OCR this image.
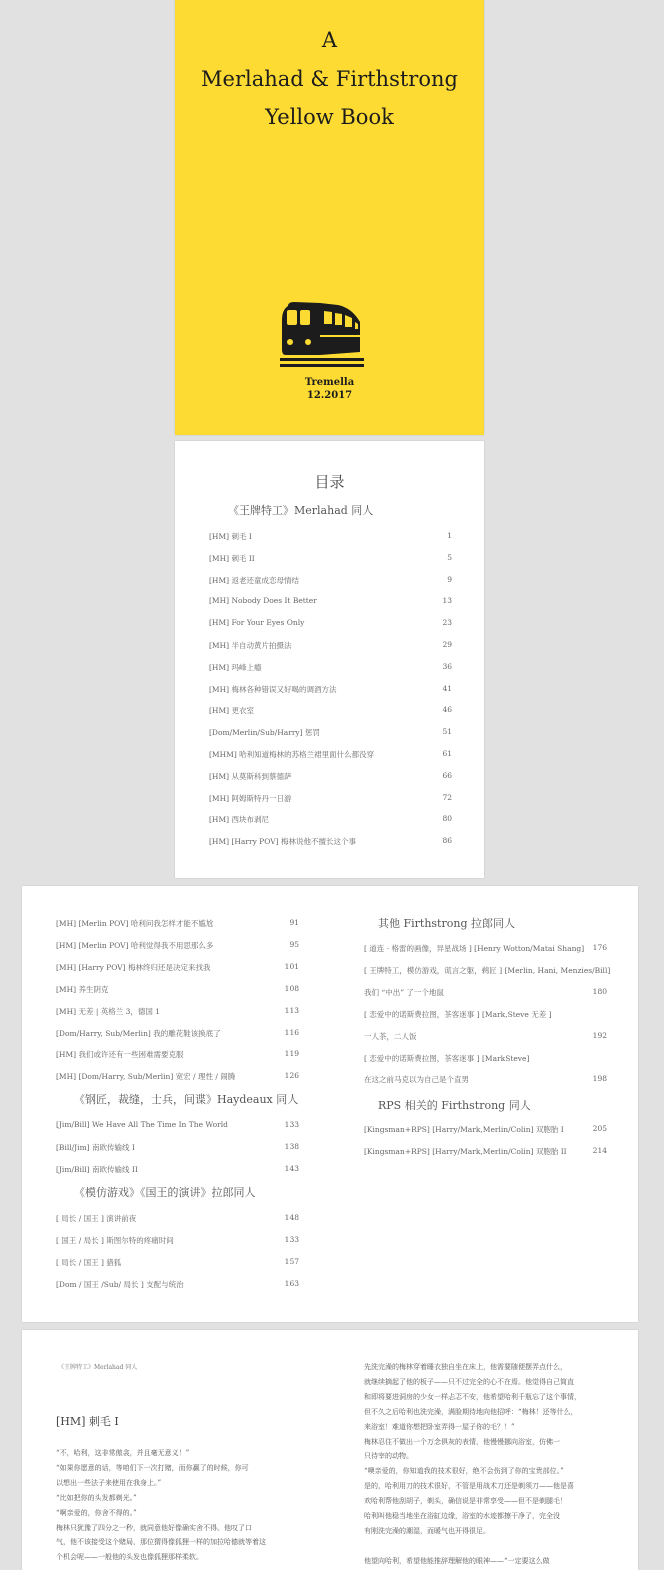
A
Merlahad & Firthstrong
Yellow Book
Tremella
12.2017
目录
《王牌特工》Merlahad 同人
[HM] 刺毛 I	1
[MH] 刺毛 II	5
[HM] 返老还童成恋母情结	9
[MH] Nobody Does It Better	13
[HM] For Your Eyes Only	23
[MH] 半自动黄片拍摄法	29
[HM] 玛峰上瘾	36
[MH] 梅林各种错误又好喝的调酒方法	41
[HM] 更衣室	46
[Dom/Merlin/Sub/Harry] 惩罚	51
[MHM] 哈利知道梅林的苏格兰裙里面什么都没穿	61
[HM] 从莫斯科到蔡德萨	66
[MH] 阿姆斯特丹一日游	72
[HM] 西块布剥尼	80
[HM] [Harry POV] 梅林说他不擅长这个事	86
[MH] [Merlin POV] 哈利问我怎样才能不尴尬	91
[HM] [Merlin POV] 哈利觉得我不用思那么多	95
[MH] [Harry POV] 梅林终归还是决定来找我	101
[MH] 养生阴克	108
[MH] 无差 | 英格兰 3，德国 1	113
[Dom/Harry, Sub/Merlin] 我的雕花鞋该换底了	116
[HM] 我们或许还有一些困难需要克服	119
[MH] [Dom/Harry, Sub/Merlin] 宽宏 / 理性 / 闹腾	126
《钢匠，裁缝，士兵，间谍》Haydeaux 同人
[Jim/Bill] We Have All The Time In The World	133
[Bill/Jim] 南欧传输线 I	138
[Jim/Bill] 南欧传输线 II	143
《模仿游戏》《国王的演讲》拉郎同人
[ 局长 / 国王 ] 演讲前夜	148
[ 国王 / 局长 ] 斯图尔特的疼痛时间	133
[ 局长 / 国王 ] 猎狐	157
[Dom / 国王 /Sub/ 局长 ] 支配与统治	163
其他 Firthstrong 拉郎同人
[ 道连 · 格雷的画像，异星战场 ] [Henry Wotton/Matai Shang] 176
[ 王牌特工，模仿游戏，谎言之躯，鹈匠 ] [Merlin, Hani, Menzies/Bill]
我们 “中出” 了一个地鼠	180
[ 恋爱中的诺斯费拉图，茶客迷事 ] [Mark,Steve 无差 ]
一人茶，二人饭	192
[ 恋爱中的诺斯费拉图，茶客迷事 ] [MarkSteve]
在这之前马克以为自己是个直男	198
RPS 相关的 Firthstrong 同人
[Kingsman+RPS] [Harry/Mark,Merlin/Colin] 双胞胎 I	205
[Kingsman+RPS] [Harry/Mark,Merlin/Colin] 双胞胎 II	214
《王牌特工》Merlahad 同人
[HM] 刺毛 I
“不，哈利，这非常傲衾，并且毫无意义！”
“如果你愿意的话，等咱们下一次打赌，而你赢了的时候，你可
以想出一些法子来使用在我身上。”
“比如把你的头发都剃光。”
“啊亲爱的，你舍不得的。”
梅林只犹豫了四分之一秒，就同意他好像确实舍不得。他叹了口
气，他不该接受这个赌局，那位猬得像狐狸一样的加拉哈德就等着这
个机会呢——一般他的头发也像狐狸那样柔软。
先洗完澡的梅林穿着睡衣独自坐在床上，他需要随便摆弄点什么，
就继续摘起了他的板子——只不过完全的心不在焉。他觉得自己简直
和即将要进洞房的少女一样忐忑不安，他希望哈利千瓶忘了这个事情，
但不久之后哈利也洗完澡，满脸期待地向他招呼：“梅林！还等什么，
来浴室！难道你想把卧室弄得一屋子你的毛？！”
梅林忍住不做出一个万念俱灰的表情，他慢慢挪向浴室，仿佛一
只待宰的动物。
“噢亲爱的，你知道我的技术很好，绝不会伤到了你的宝贵部位。”
是的，哈利用刀的技术很好，不管是用战术刀还是剃须刀——他是喜
欢哈利帮他刮胡子，剃头，确信说是非常享受——但不是剃腿毛！
哈利叫他稳当地坐在浴缸边缘，浴室的水迹都擦干净了，完全没
有刚洗完澡的潮湿，而暖气也开得很足。
他望向哈利，希望他能推辞理解他的眼神——“一定要这么做
